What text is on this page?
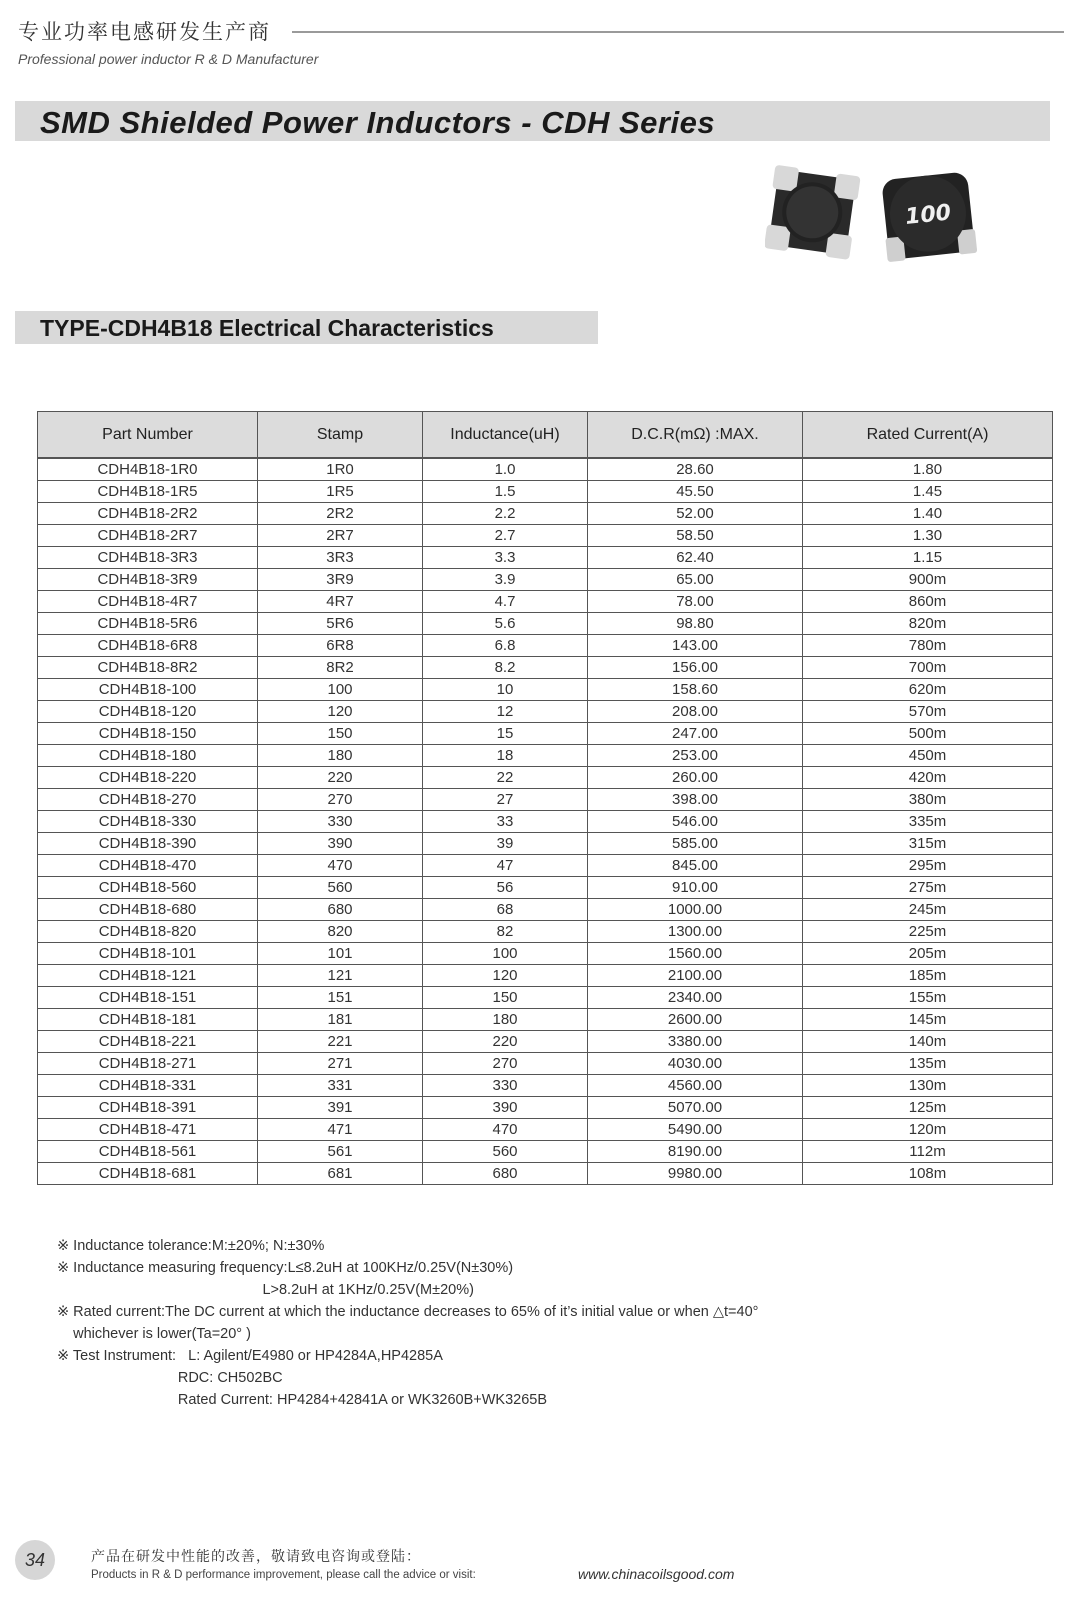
专业功率电感研发生产商
Professional power inductor R & D Manufacturer
SMD Shielded Power Inductors - CDH Series
100
TYPE-CDH4B18 Electrical Characteristics
Part Number	Stamp	Inductance(uH)	D.C.R(mΩ) :MAX.	Rated Current(A)
CDH4B18-1R0	1R0	1.0	28.60	1.80
CDH4B18-1R5	1R5	1.5	45.50	1.45
CDH4B18-2R2	2R2	2.2	52.00	1.40
CDH4B18-2R7	2R7	2.7	58.50	1.30
CDH4B18-3R3	3R3	3.3	62.40	1.15
CDH4B18-3R9	3R9	3.9	65.00	900m
CDH4B18-4R7	4R7	4.7	78.00	860m
CDH4B18-5R6	5R6	5.6	98.80	820m
CDH4B18-6R8	6R8	6.8	143.00	780m
CDH4B18-8R2	8R2	8.2	156.00	700m
CDH4B18-100	100	10	158.60	620m
CDH4B18-120	120	12	208.00	570m
CDH4B18-150	150	15	247.00	500m
CDH4B18-180	180	18	253.00	450m
CDH4B18-220	220	22	260.00	420m
CDH4B18-270	270	27	398.00	380m
CDH4B18-330	330	33	546.00	335m
CDH4B18-390	390	39	585.00	315m
CDH4B18-470	470	47	845.00	295m
CDH4B18-560	560	56	910.00	275m
CDH4B18-680	680	68	1000.00	245m
CDH4B18-820	820	82	1300.00	225m
CDH4B18-101	101	100	1560.00	205m
CDH4B18-121	121	120	2100.00	185m
CDH4B18-151	151	150	2340.00	155m
CDH4B18-181	181	180	2600.00	145m
CDH4B18-221	221	220	3380.00	140m
CDH4B18-271	271	270	4030.00	135m
CDH4B18-331	331	330	4560.00	130m
CDH4B18-391	391	390	5070.00	125m
CDH4B18-471	471	470	5490.00	120m
CDH4B18-561	561	560	8190.00	112m
CDH4B18-681	681	680	9980.00	108m
※ Inductance tolerance:M:±20%; N:±30%
※ Inductance measuring frequency:L≤8.2uH at 100KHz/0.25V(N±30%)
L>8.2uH at 1KHz/0.25V(M±20%)
※ Rated current:The DC current at which the inductance decreases to 65% of it’s initial value or when △t=40°
whichever is lower(Ta=20° )
※ Test Instrument:   L: Agilent/E4980 or HP4284A,HP4285A
RDC: CH502BC
Rated Current: HP4284+42841A or WK3260B+WK3265B
34	产品在研发中性能的改善，敬请致电咨询或登陆：
Products in R & D performance improvement, please call the advice or visit:	www.chinacoilsgood.com
